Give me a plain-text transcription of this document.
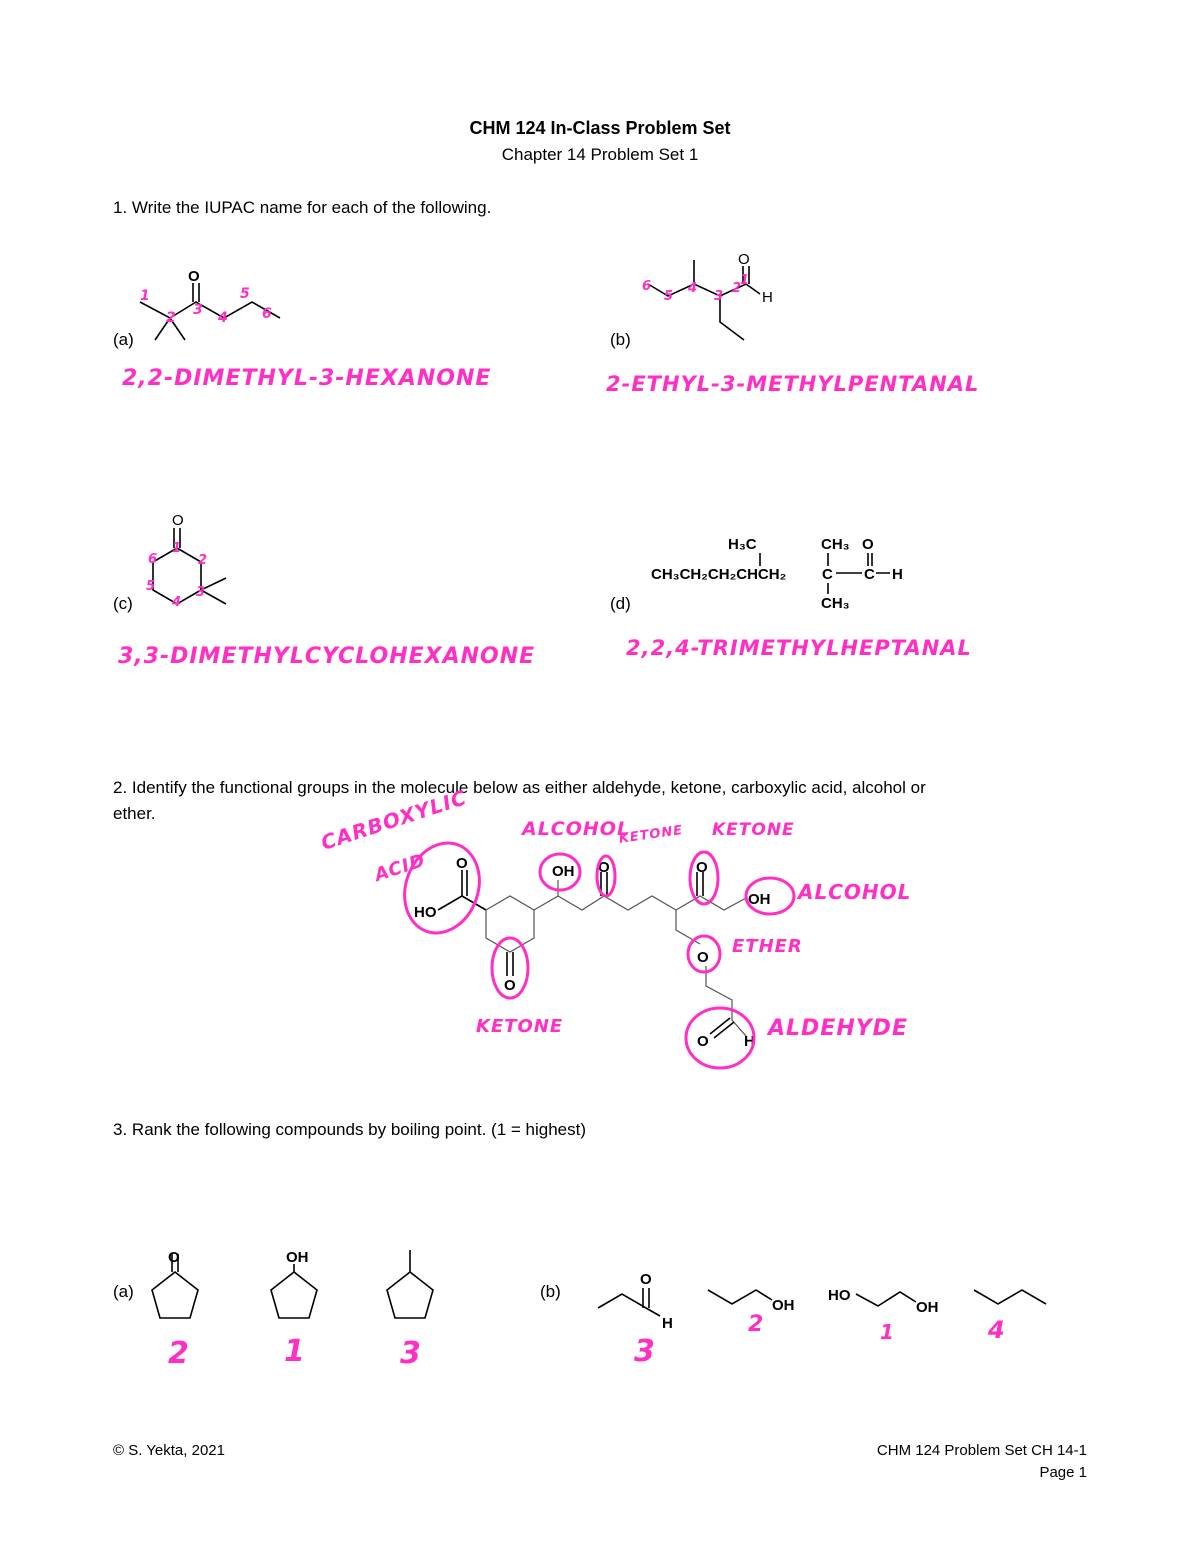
CHM 124 In-Class Problem Set
Chapter 14 Problem Set 1
1. Write the IUPAC name for each of the following.
(a)	(b)
(c)	(d)
2,2-DIMETHYL-3-HEXANONE	2-ETHYL-3-METHYLPENTANAL
3,3-DIMETHYLCYCLOHEXANONE	2,2,4-TRIMETHYLHEPTANAL
2. Identify the functional groups in the molecule below as either aldehyde, ketone, carboxylic acid, alcohol or
ether.
3. Rank the following compounds by boiling point. (1 = highest)
(a)	(b)
© S. Yekta, 2021	CHM 124 Problem Set CH 14-1
Page 1
O
1
2 3 4
5
6
O
H
6
5
4
3
2
1
O
6	2
5	3
4
1	H₃C	CH₃ O
CH₃CH₂CH₂CHCH₂ C C H
CH₃
O
HO
O
OH O	O
OH
O
O H
O	OH
O
H
OH
HO
OH
CARBOXYLIC
ACID
ALCOHOL
KETONE KETONE
ALCOHOL
ETHER
KETONE	ALDEHYDE
2	1	3	3
2	1	4
